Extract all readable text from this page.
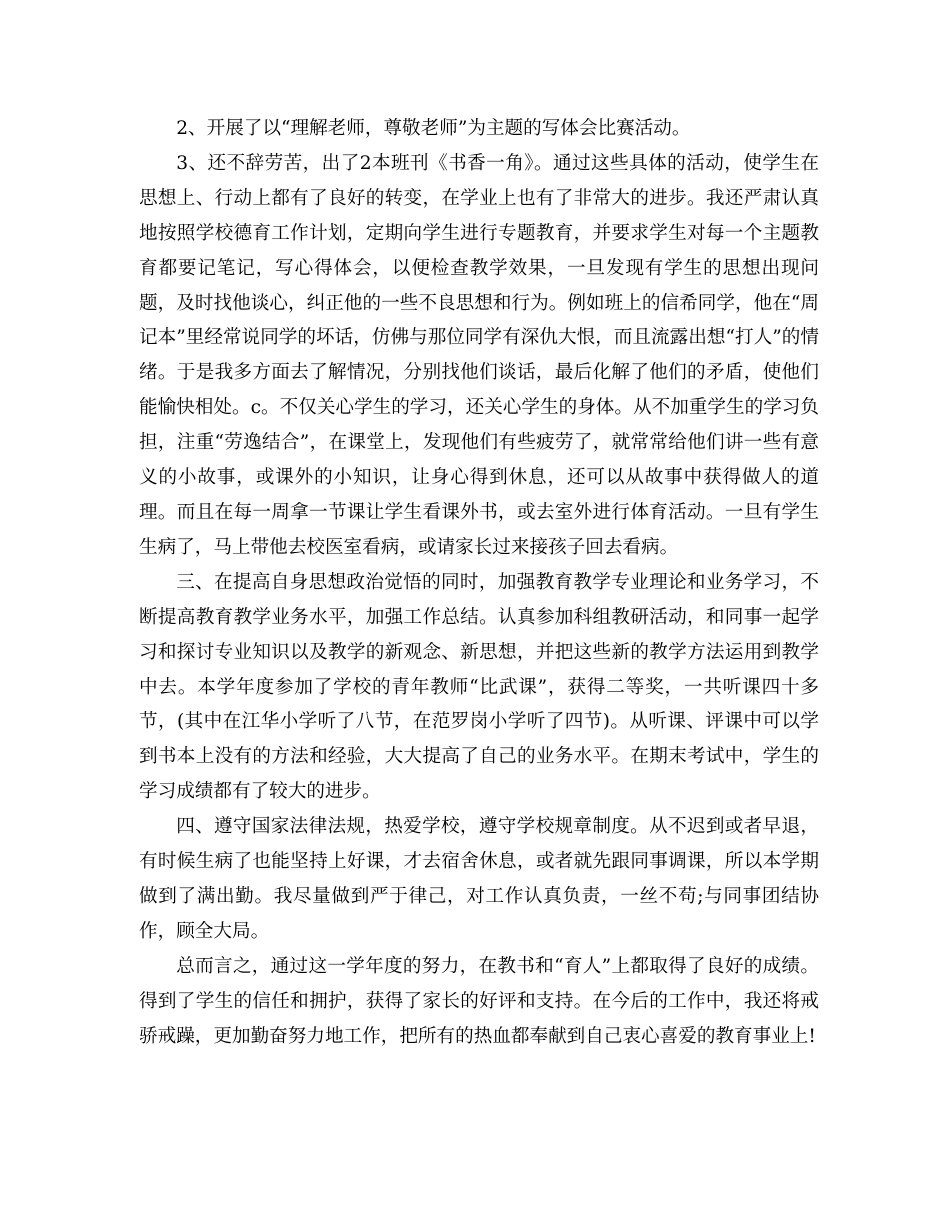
2、开展了以“理解老师，尊敬老师”为主题的写体会比赛活动。

3、还不辞劳苦，出了2本班刊《书香一角》。通过这些具体的活动，使学生在思想上、行动上都有了良好的转变，在学业上也有了非常大的进步。我还严肃认真地按照学校德育工作计划，定期向学生进行专题教育，并要求学生对每一个主题教育都要记笔记，写心得体会，以便检查教学效果，一旦发现有学生的思想出现问题，及时找他谈心，纠正他的一些不良思想和行为。例如班上的信希同学，他在“周记本”里经常说同学的坏话，仿佛与那位同学有深仇大恨，而且流露出想“打人”的情绪。于是我多方面去了解情况，分别找他们谈话，最后化解了他们的矛盾，使他们能愉快相处。c。不仅关心学生的学习，还关心学生的身体。从不加重学生的学习负担，注重“劳逸结合”，在课堂上，发现他们有些疲劳了，就常常给他们讲一些有意义的小故事，或课外的小知识，让身心得到休息，还可以从故事中获得做人的道理。而且在每一周拿一节课让学生看课外书，或去室外进行体育活动。一旦有学生生病了，马上带他去校医室看病，或请家长过来接孩子回去看病。

三、在提高自身思想政治觉悟的同时，加强教育教学专业理论和业务学习，不断提高教育教学业务水平，加强工作总结。认真参加科组教研活动，和同事一起学习和探讨专业知识以及教学的新观念、新思想，并把这些新的教学方法运用到教学中去。本学年度参加了学校的青年教师“比武课”，获得二等奖，一共听课四十多节，(其中在江华小学听了八节，在范罗岗小学听了四节)。从听课、评课中可以学到书本上没有的方法和经验，大大提高了自己的业务水平。在期末考试中，学生的学习成绩都有了较大的进步。

四、遵守国家法律法规，热爱学校，遵守学校规章制度。从不迟到或者早退，有时候生病了也能坚持上好课，才去宿舍休息，或者就先跟同事调课，所以本学期做到了满出勤。我尽量做到严于律己，对工作认真负责，一丝不苟;与同事团结协作，顾全大局。

总而言之，通过这一学年度的努力，在教书和“育人”上都取得了良好的成绩。得到了学生的信任和拥护，获得了家长的好评和支持。在今后的工作中，我还将戒骄戒躁，更加勤奋努力地工作，把所有的热血都奉献到自己衷心喜爱的教育事业上!
